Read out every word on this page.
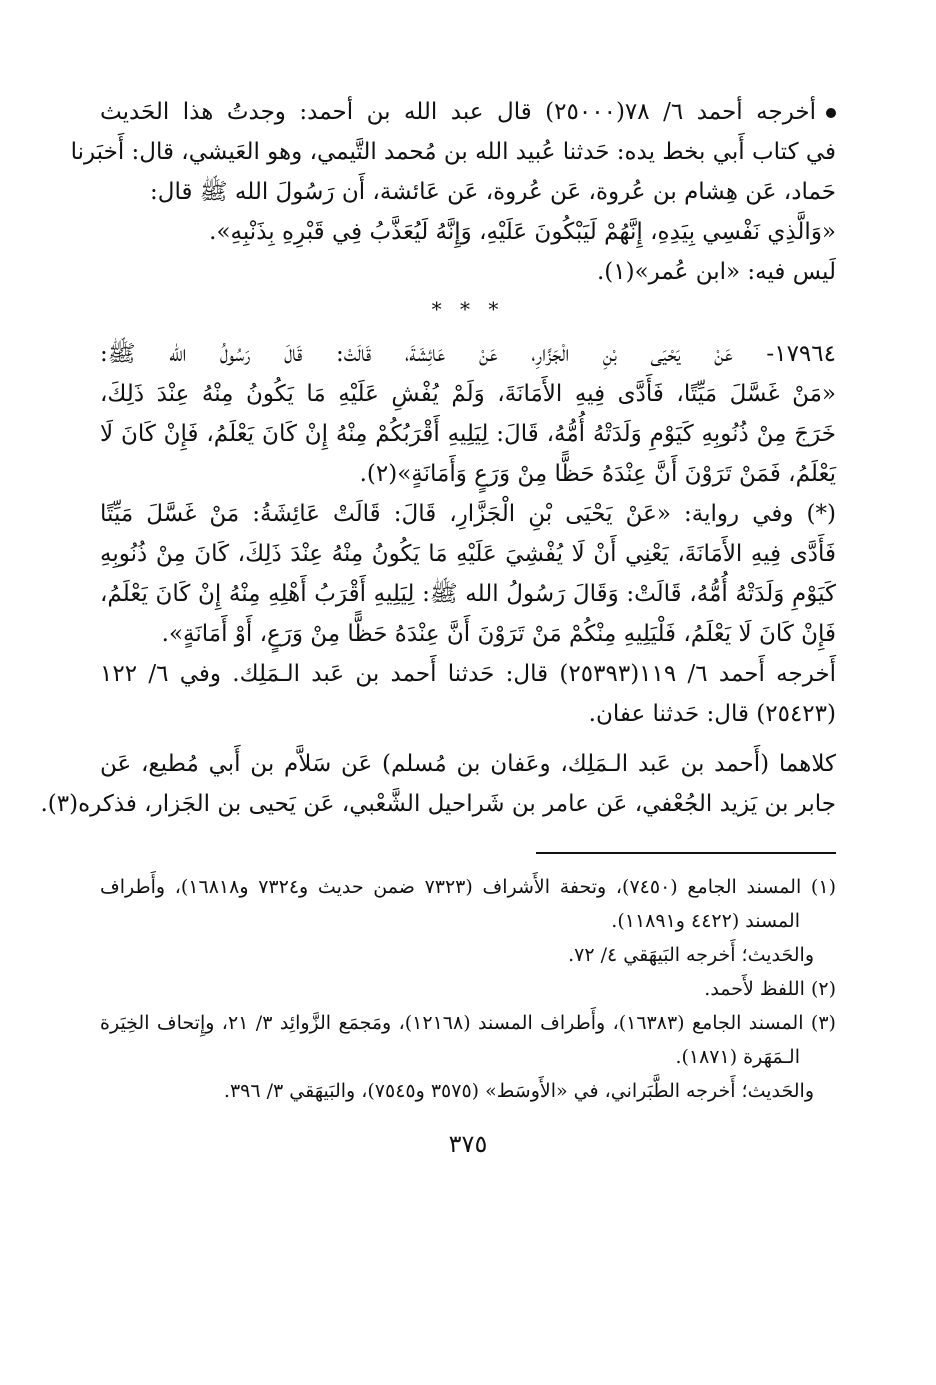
أخرجه أحمد ٦/ ٧٨(٢٥٠٠٠) قال عبد الله بن أحمد: وجدتُ هذا الحَديث
في كتاب أَبي بخط يده: حَدثنا عُبيد الله بن مُحمد التَّيمي، وهو العَيشي، قال: أَخبَرنا
حَماد، عَن هِشام بن عُروة، عَن عُروة، عَن عَائشة، أَن رَسُولَ الله ﷺ قال:
«وَالَّذِي نَفْسِي بِيَدِهِ، إِنَّهُمْ لَيَبْكُونَ عَلَيْهِ، وَإِنَّهُ لَيُعَذَّبُ فِي قَبْرِهِ بِذَنْبِهِ».
لَيس فيه: «ابن عُمر»(١).
* * *
١٧٩٦٤- عَنْ يَحْيَى بْنِ الْجَزَّارِ، عَنْ عَائِشَةَ، قَالَتْ: قَالَ رَسُولُ الله ﷺ:
«مَنْ غَسَّلَ مَيِّتًا، فَأَدَّى فِيهِ الأَمَانَةَ، وَلَمْ يُفْشِ عَلَيْهِ مَا يَكُونُ مِنْهُ عِنْدَ ذَلِكَ،
خَرَجَ مِنْ ذُنُوبِهِ كَيَوْمِ وَلَدَتْهُ أُمُّهُ، قَالَ: لِيَلِيهِ أَقْرَبُكُمْ مِنْهُ إِنْ كَانَ يَعْلَمُ، فَإِنْ كَانَ لَا
يَعْلَمُ، فَمَنْ تَرَوْنَ أَنَّ عِنْدَهُ حَظًّا مِنْ وَرَعٍ وَأَمَانَةٍ»(٢).
(*) وفي رواية: «عَنْ يَحْيَى بْنِ الْجَزَّارِ، قَالَ: قَالَتْ عَائِشَةُ: مَنْ غَسَّلَ مَيِّتًا
فَأَدَّى فِيهِ الأَمَانَةَ، يَعْنِي أَنْ لَا يُفْشِيَ عَلَيْهِ مَا يَكُونُ مِنْهُ عِنْدَ ذَلِكَ، كَانَ مِنْ ذُنُوبِهِ
كَيَوْمِ وَلَدَتْهُ أُمُّهُ، قَالَتْ: وَقَالَ رَسُولُ الله ﷺ: لِيَلِيهِ أَقْرَبُ أَهْلِهِ مِنْهُ إِنْ كَانَ يَعْلَمُ،
فَإِنْ كَانَ لَا يَعْلَمُ، فَلْيَلِيهِ مِنْكُمْ مَنْ تَرَوْنَ أَنَّ عِنْدَهُ حَظًّا مِنْ وَرَعٍ، أَوْ أَمَانَةٍ».
أَخرجه أَحمد ٦/ ١١٩(٢٥٣٩٣) قال: حَدثنا أَحمد بن عَبد الـمَلِك. وفي ٦/ ١٢٢
(٢٥٤٢٣) قال: حَدثنا عفان.
كلاهما (أَحمد بن عَبد الـمَلِك، وعَفان بن مُسلم) عَن سَلاَّم بن أَبي مُطيع، عَن
جابر بن يَزيد الجُعْفي، عَن عامر بن شَراحيل الشَّعْبي، عَن يَحيى بن الجَزار، فذكره(٣).
(١) المسند الجامع (٧٤٥٠)، وتحفة الأَشراف (٧٣٢٣ ضمن حديث و٧٣٢٤ و١٦٨١٨)، وأَطراف
المسند (٤٤٢٢ و١١٨٩١).
والحَديث؛ أَخرجه البَيهَقي ٤/ ٧٢.
(٢) اللفظ لأَحمد.
(٣) المسند الجامع (١٦٣٨٣)، وأَطراف المسند (١٢١٦٨)، ومَجمَع الزَّوائِد ٣/ ٢١، وإِتحاف الخِيَرة
الـمَهَرة (١٨٧١).
والحَديث؛ أَخرجه الطَّبَراني، في «الأَوسَط» (٣٥٧٥ و٧٥٤٥)، والبَيهَقي ٣/ ٣٩٦.
٣٧٥
